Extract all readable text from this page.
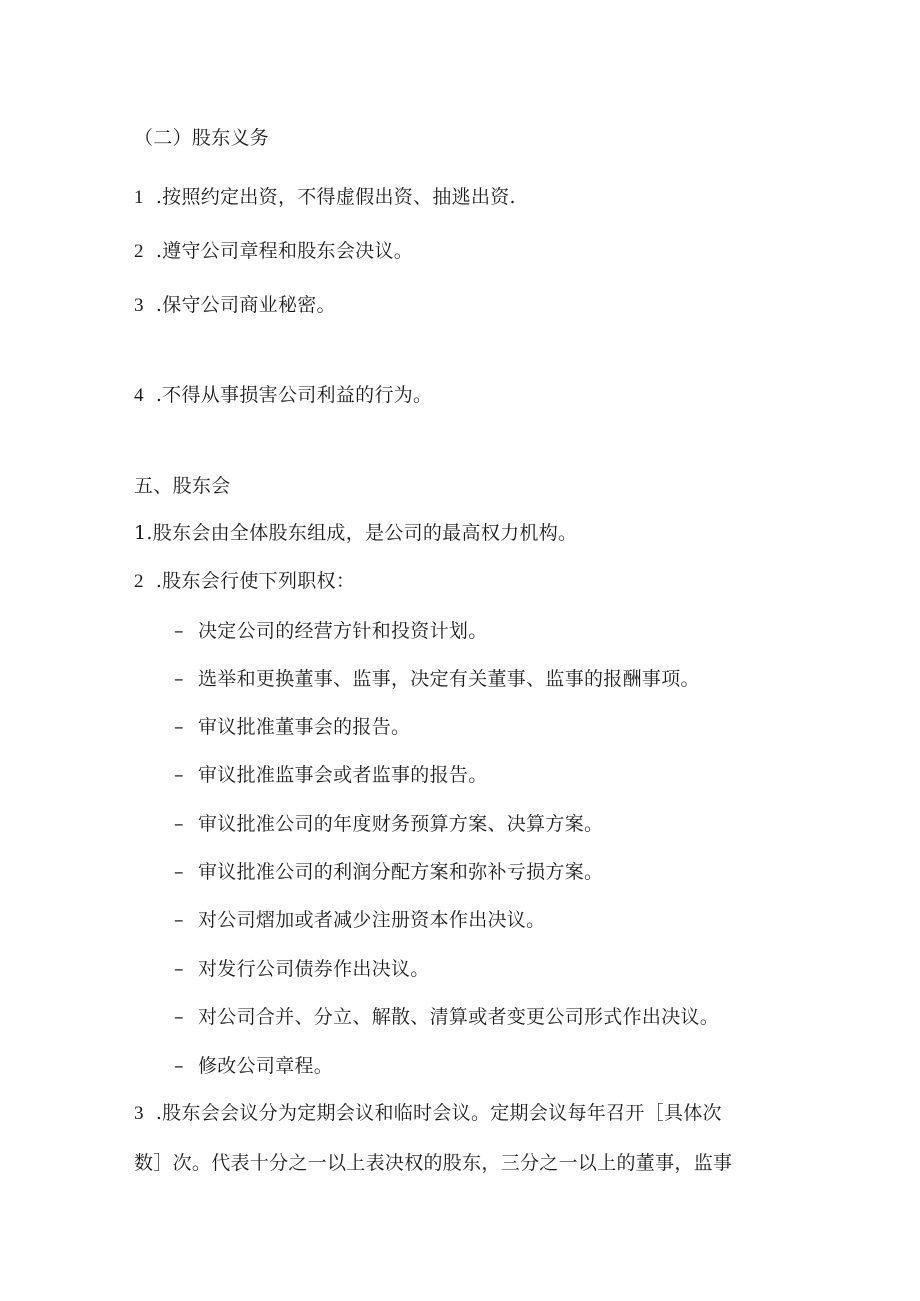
（二）股东义务
1 .按照约定出资，不得虚假出资、抽逃出资.
2 .遵守公司章程和股东会决议。
3 .保守公司商业秘密。
4 .不得从事损害公司利益的行为。
五、股东会
1.股东会由全体股东组成，是公司的最高权力机构。
2 .股东会行使下列职权：
– 决定公司的经营方针和投资计划。
– 选举和更换董事、监事，决定有关董事、监事的报酬事项。
– 审议批准董事会的报告。
– 审议批准监事会或者监事的报告。
– 审议批准公司的年度财务预算方案、决算方案。
– 审议批准公司的利润分配方案和弥补亏损方案。
– 对公司熠加或者减少注册资本作出决议。
– 对发行公司债券作出决议。
– 对公司合并、分立、解散、清算或者变更公司形式作出决议。
– 修改公司章程。
3 .股东会会议分为定期会议和临时会议。定期会议每年召开［具体次
数］次。代表十分之一以上表决权的股东，三分之一以上的董事，监事
